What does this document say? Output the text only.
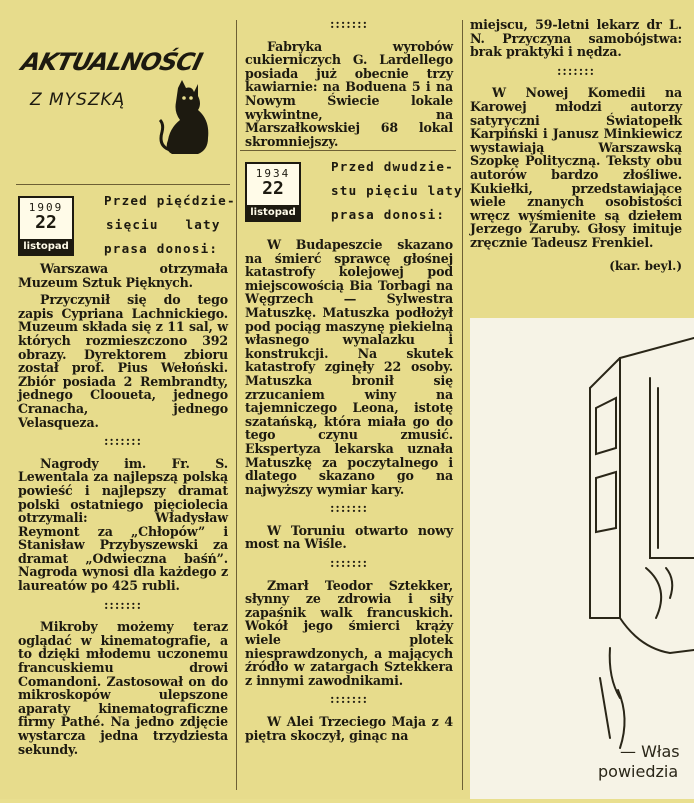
AKTUALNOŚCI
Z MYSZKĄ
1909
22
listopad
Przed pięćdzie-
sięciu laty
prasa donosi:

Warszawa otrzymała Muzeum Sztuk Pięknych.

Przyczynił się do tego zapis Cypriana Lachnickiego. Muzeum składa się z 11 sal, w których rozmieszczono 392 obrazy. Dyrektorem zbioru został prof. Pius Wełoński. Zbiór posiada 2 Rembrandty, jednego Clooueta, jednego Cranacha, jednego Velasqueza.

:::::::

Nagrody im. Fr. S. Lewentala za najlepszą polską powieść i najlepszy dramat polski ostatniego pięciolecia otrzymali: Władysław Reymont za „Chłopów” i Stanisław Przybyszewski za dramat „Odwieczna baśń”. Nagroda wynosi dla każdego z laureatów po 425 rubli.

:::::::

Mikroby możemy teraz oglądać w kinematografie, a to dzięki młodemu uczonemu francuskiemu drowi Comandoni. Zastosował on do mikroskopów ulepszone aparaty kinematograficzne firmy Pathé. Na jedno zdjęcie wystarcza jedna trzydziesta sekundy.

:::::::

Fabryka wyrobów cukierniczych G. Lardellego posiada już obecnie trzy kawiarnie: na Boduena 5 i na Nowym Świecie lokale wykwintne, na Marszałkowskiej 68 lokal skromniejszy.

1934
22
listopad
Przed dwudzie-
stu pięciu laty
prasa donosi:

W Budapeszcie skazano na śmierć sprawcę głośnej katastrofy kolejowej pod miejscowością Bia Torbagi na Węgrzech — Sylwestra Matuszkę. Matuszka podłożył pod pociąg maszynę piekielną własnego wynalazku i konstrukcji. Na skutek katastrofy zginęły 22 osoby. Matuszka bronił się zrzucaniem winy na tajemniczego Leona, istotę szatańską, która miała go do tego czynu zmusić. Ekspertyza lekarska uznała Matuszkę za poczytalnego i dlatego skazano go na najwyższy wymiar kary.

:::::::

W Toruniu otwarto nowy most na Wiśle.

:::::::

Zmarł Teodor Sztekker, słynny ze zdrowia i siły zapaśnik walk francuskich. Wokół jego śmierci krąży wiele plotek niesprawdzonych, a mających źródło w zatargach Sztekkera z innymi zawodnikami.

:::::::

W Alei Trzeciego Maja z 4 piętra skoczył, ginąc na

miejscu, 59-letni lekarz dr L. N. Przyczyna samobójstwa: brak praktyki i nędza.

:::::::

W Nowej Komedii na Karowej młodzi autorzy satyryczni Światopełk Karpiński i Janusz Minkiewicz wystawiają Warszawską Szopkę Polityczną. Teksty obu autorów bardzo złośliwe. Kukiełki, przedstawiające wiele znanych osobistości wręcz wyśmienite są dziełem Jerzego Zaruby. Głosy imituje zręcznie Tadeusz Frenkiel.

(kar. beyl.)
— Włas
powiedzia
